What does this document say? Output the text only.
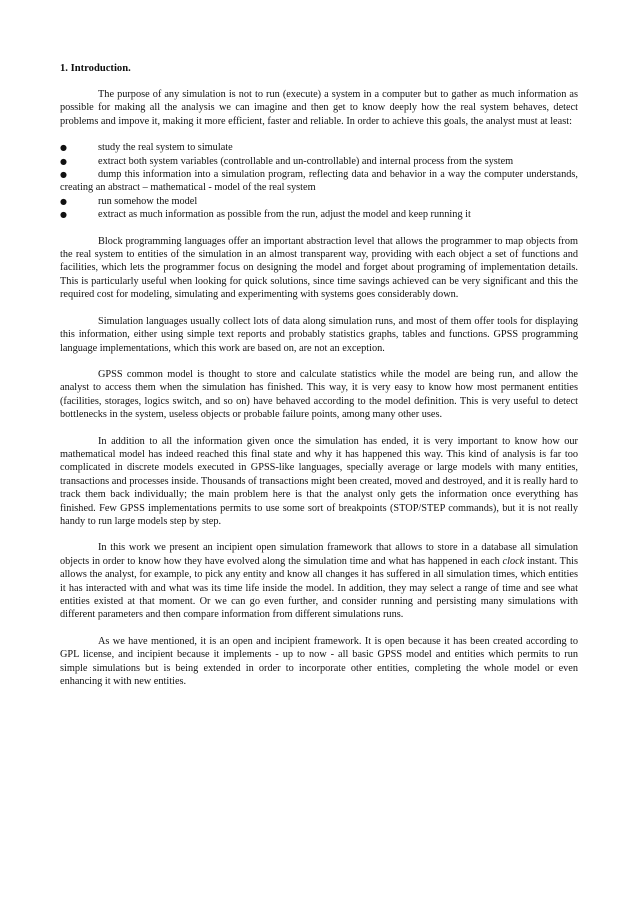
1. Introduction.

The purpose of any simulation is not to run (execute) a system in a computer but to gather as much information as possible for making all the analysis we can imagine and then get to know deeply how the real system behaves, detect problems and impove it, making it more efficient, faster and reliable. In order to achieve this goals, the analyst must at least:

●	study the real system to simulate
●	extract both system variables (controllable and un-controllable) and internal process from the system
●	dump this information into a simulation program, reflecting data and behavior in a way the computer understands, creating an abstract – mathematical - model of the real system
●	run somehow the model
●	extract as much information as possible from the run, adjust the model and keep running it

Block programming languages offer an important abstraction level that allows the programmer to map objects from the real system to entities of the simulation in an almost transparent way, providing with each object a set of functions and facilities, which lets the programmer focus on designing the model and forget about programing of implementation details. This is particularly useful when looking for quick solutions, since time savings achieved can be very significant and this the required cost for modeling, simulating and experimenting with systems goes considerably down.

Simulation languages usually collect lots of data along simulation runs, and most of them offer tools for displaying this information, either using simple text reports and probably statistics graphs, tables and functions. GPSS programming language implementations, which this work are based on, are not an exception.

GPSS common model is thought to store and calculate statistics while the model are being run, and allow the analyst to access them when the simulation has finished. This way, it is very easy to know how most permanent entities (facilities, storages, logics switch, and so on) have behaved according to the model definition. This is very useful to detect bottlenecks in the system, useless objects or probable failure points, among many other uses.

In addition to all the information given once the simulation has ended, it is very important to know how our mathematical model has indeed reached this final state and why it has happened this way. This kind of analysis is far too complicated in discrete models executed in GPSS-like languages, specially average or large models with many entities, transactions and processes inside. Thousands of transactions might been created, moved and destroyed, and it is really hard to track them back individually; the main problem here is that the analyst only gets the information once everything has finished. Few GPSS implementations permits to use some sort of breakpoints (STOP/STEP commands), but it is not really handy to run large models step by step.

In this work we present an incipient open simulation framework that allows to store in a database all simulation objects in order to know how they have evolved along the simulation time and what has happened in each clock instant. This allows the analyst, for example, to pick any entity and know all changes it has suffered in all simulation times, which entities it has interacted with and what was its time life inside the model. In addition, they may select a range of time and see what entities existed at that moment. Or we can go even further, and consider running and persisting many simulations with different parameters and then compare information from different simulations runs.

As we have mentioned, it is an open and incipient framework. It is open because it has been created according to GPL license, and incipient because it implements - up to now - all basic GPSS model and entities which permits to run simple simulations but is being extended in order to incorporate other entities, completing the whole model or even enhancing it with new entities.
